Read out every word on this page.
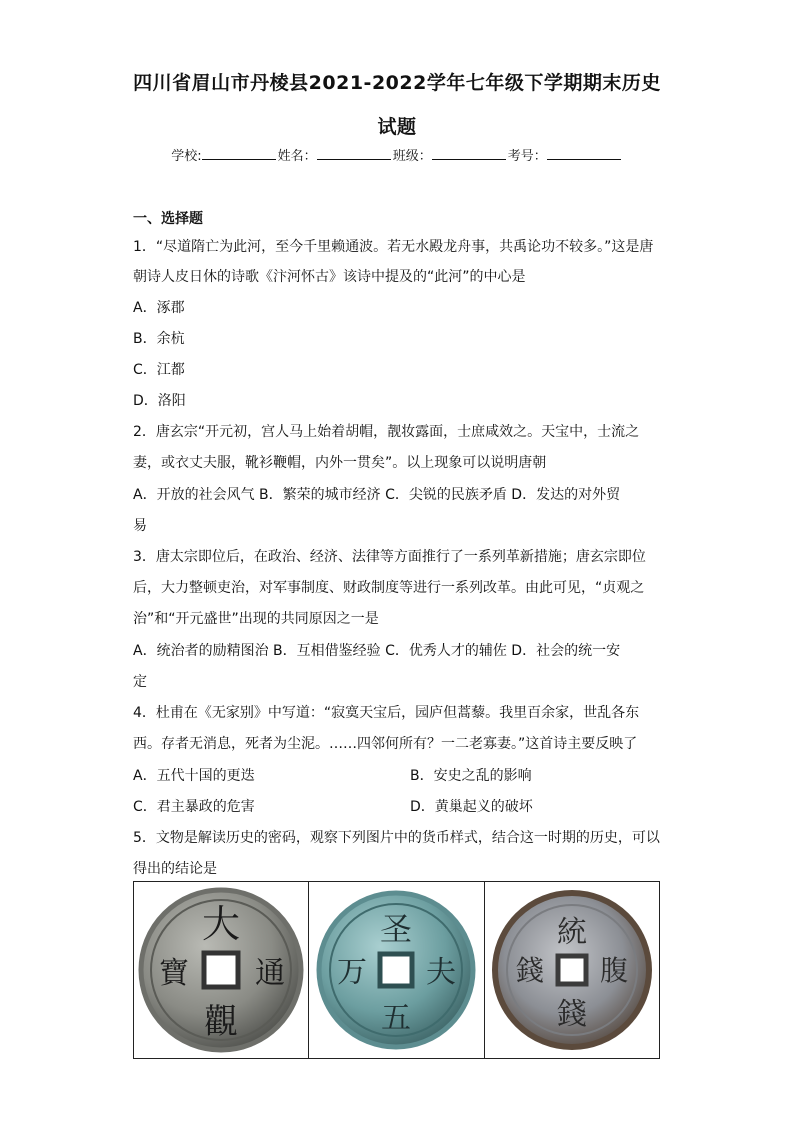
四川省眉山市丹棱县2021-2022学年七年级下学期期末历史
试题
学校:	姓名：	班级：	考号：
一、选择题
1．“尽道隋亡为此河，至今千里赖通波。若无水殿龙舟事，共禹论功不较多。”这是唐
朝诗人皮日休的诗歌《汴河怀古》该诗中提及的“此河”的中心是
A．涿郡
B．余杭
C．江都
D．洛阳
2．唐玄宗“开元初，宫人马上始着胡帽，靓妆露面，士庶咸效之。天宝中，士流之
妻，或衣丈夫服，靴衫鞭帽，内外一贯矣”。以上现象可以说明唐朝
A．开放的社会风气 B．繁荣的城市经济 C．尖锐的民族矛盾 D．发达的对外贸
易
3．唐太宗即位后，在政治、经济、法律等方面推行了一系列革新措施；唐玄宗即位
后，大力整顿吏治，对军事制度、财政制度等进行一系列改革。由此可见，“贞观之
治”和“开元盛世”出现的共同原因之一是
A．统治者的励精图治 B．互相借鉴经验 C．优秀人才的辅佐 D．社会的统一安
定
4．杜甫在《无家别》中写道：“寂寞天宝后，园庐但蒿藜。我里百余家，世乱各东
西。存者无消息，死者为尘泥。……四邻何所有？一二老寡妻。”这首诗主要反映了
A．五代十国的更迭	B．安史之乱的影响
C．君主暴政的危害	D．黄巢起义的破坏
5．文物是解读历史的密码，观察下列图片中的货币样式，结合这一时期的历史，可以
得出的结论是
大
通
觀
寶
圣
夫
五
万
統
腹
錢
錢
